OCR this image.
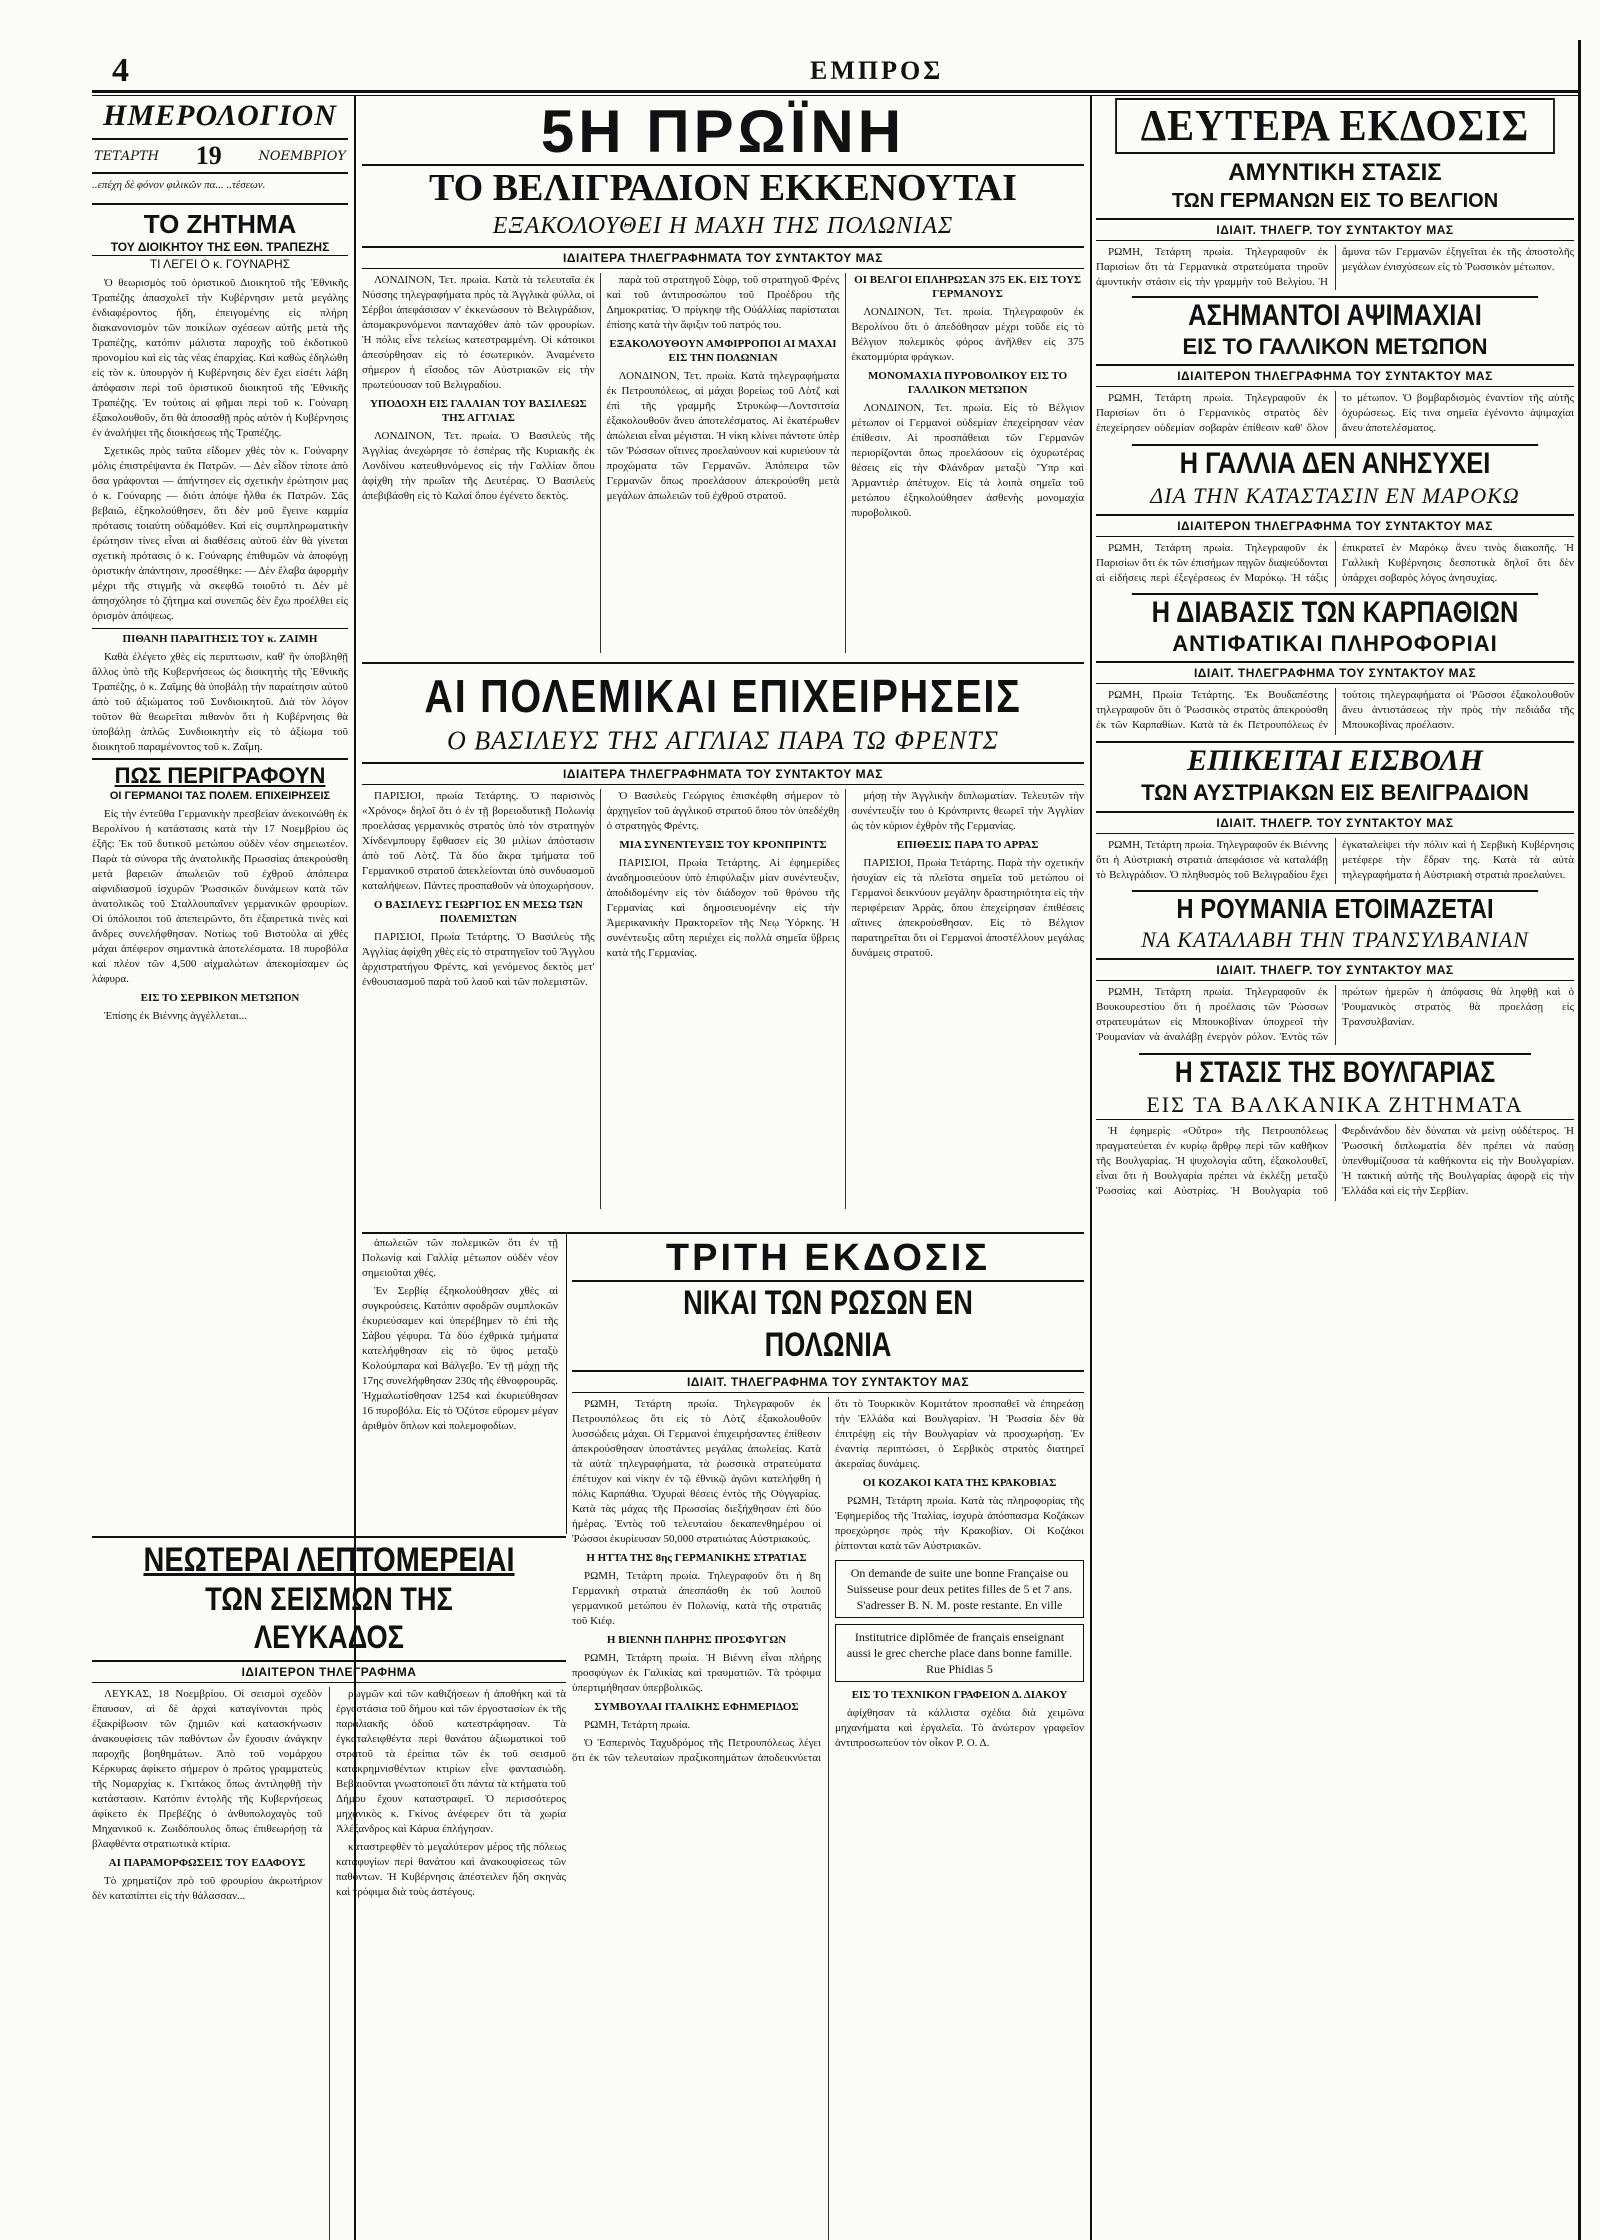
4	ΕΜΠΡΟΣ
ΗΜΕΡΟΛΟΓΙΟΝ
ΤΕΤΑΡΤΗ 19	ΝΟΕΜΒΡΙΟΥ
..επέχη δὲ φόνον φιλικῶν πα... ..τέσεων.
ΤΟ ΖΗΤΗΜΑ
ΤΟΥ ΔΙΟΙΚΗΤΟΥ ΤΗΣ ΕΘΝ. ΤΡΑΠΕΖΗΣ
ΤΙ ΛΕΓΕΙ Ο κ. ΓΟΥΝΑΡΗΣ
Ὁ θεωρισμὸς τοῦ ὁριστικοῦ Διοικητοῦ τῆς Ἐθνικῆς Τραπέζης ἀπασχολεῖ τὴν Κυβέρνησιν μετὰ μεγάλης ἐνδιαφέροντος ἤδη, ἐπειγομένης εἰς πλήρη διακανονισμὸν τῶν ποικίλων σχέσεων αὐτῆς μετὰ τῆς Τραπέζης, κατόπιν μάλιστα παροχῆς τοῦ ἐκδοτικοῦ προνομίου καὶ εἰς τὰς νέας ἐπαρχίας. Καὶ καθὼς ἐδηλώθη εἰς τὸν κ. ὑπουργὸν ἡ Κυβέρνησις δὲν ἔχει εἰσέτι λάβη ἀπόφασιν περὶ τοῦ ὁριστικοῦ διοικητοῦ τῆς Ἐθνικῆς Τραπέζης. Ἐν τούτοις αἱ φῆμαι περὶ τοῦ κ. Γούναρη ἐξακολουθοῦν, ὅτι θὰ ἀποσαθῇ πρὸς αὐτὸν ἡ Κυβέρνησις ἐν ἀναλήψει τῆς διοικήσεως τῆς Τραπέζης.
Σχετικῶς πρὸς ταῦτα εἴδομεν χθὲς τὸν κ. Γούναρην μόλις ἐπιστρέψαντα ἐκ Πατρῶν. — Δὲν εἶδον τίποτε ἀπὸ ὅσα γράφονται — ἀπήντησεν εἰς σχετικὴν ἐρώτησιν μας ὁ κ. Γούναρης — διότι ἀπόψε ἦλθα ἐκ Πατρῶν. Σᾶς βεβαιῶ, ἐξηκολούθησεν, ὅτι δὲν μοῦ ἔγεινε καμμία πρότασις τοιαύτη οὐδαμόθεν. Καὶ εἰς συμπληρωματικὴν ἐρώτησιν τίνες εἶναι αἱ διαθέσεις αὐτοῦ ἐὰν θὰ γίνεται σχετικὴ πρότασις ὁ κ. Γούναρης ἐπιθυμῶν νὰ ἀποφύγῃ ὁριστικὴν ἀπάντησιν, προσέθηκε: — Δὲν ἔλαβα ἀφορμὴν μέχρι τῆς στιγμῆς νὰ σκεφθῶ τοιοῦτό τι. Δὲν μὲ ἀπησχόλησε τὸ ζήτημα καὶ συνεπῶς δὲν ἔχω προέλθει εἰς ὁρισμὸν ἀπόψεως.
ΠΙΘΑΝΗ ΠΑΡΑΙΤΗΣΙΣ ΤΟΥ κ. ΖΑΙΜΗ
Καθὰ ἐλέγετο χθὲς εἰς περιπτωσιν, καθ' ἣν ὑποβληθῇ ἄλλος ὑπὸ τῆς Κυβερνήσεως ὡς διοικητὴς τῆς Ἐθνικῆς Τραπέζης, ὁ κ. Ζαΐμης θὰ ὑποβάλῃ τὴν παραίτησιν αὐτοῦ ἀπὸ τοῦ ἀξιώματος τοῦ Συνδιοικητοῦ. Διὰ τὸν λόγον τοῦτον θὰ θεωρεῖται πιθανὸν ὅτι ἡ Κυβέρνησις θὰ ὑποβάλῃ ἁπλῶς Συνδιοικητὴν εἰς τὸ ἀξίωμα τοῦ διοικητοῦ παραμένοντος τοῦ κ. Ζαΐμη.
ΠΩΣ ΠΕΡΙΓΡΑΦΟΥΝ
ΟΙ ΓΕΡΜΑΝΟΙ ΤΑΣ ΠΟΛΕΜ. ΕΠΙΧΕΙΡΗΣΕΙΣ
Εἰς τὴν ἐντεῦθα Γερμανικὴν πρεσβείαν ἀνεκοινώθη ἐκ Βερολίνου ἡ κατάστασις κατὰ τὴν 17 Νοεμβρίου ὡς ἑξῆς: Ἐκ τοῦ δυτικοῦ μετώπου οὐδὲν νέον σημειωτέον. Παρὰ τὰ σύνορα τῆς ἀνατολικῆς Πρωσσίας ἀπεκρούσθη μετὰ βαρειῶν ἀπωλειῶν τοῦ ἐχθροῦ ἀπόπειρα αἰφνιδιασμοῦ ἰσχυρῶν Ῥωσσικῶν δυνάμεων κατὰ τῶν ἀνατολικῶς τοῦ Σταλλουπαῖνεν γερμανικῶν φρουρίων. Οἱ ὑπόλοιποι τοῦ ἀπεπειρῶντο, ὅτι ἐξαιρετικὰ τινὲς καὶ ἄνδρες συνελήφθησαν. Νοτίως τοῦ Βιστούλα αἱ χθὲς μάχαι ἀπέφερον σημαντικὰ ἀποτελέσματα. 18 πυροβόλα καὶ πλέον τῶν 4,500 αἰχμαλώτων ἀπεκομίσαμεν ὡς λάφυρα.
ΕΙΣ ΤΟ ΣΕΡΒΙΚΟΝ ΜΕΤΩΠΟΝ
Ἐπίσης ἐκ Βιέννης ἀγγέλλεται...
5Η ΠΡΩΪΝΗ
ΤΟ ΒΕΛΙΓΡΑΔΙΟΝ ΕΚΚΕΝΟΥΤΑΙ
ΕΞΑΚΟΛΟΥΘΕΙ Η ΜΑΧΗ ΤΗΣ ΠΟΛΩΝΙΑΣ
ΙΔΙΑΙΤΕΡΑ ΤΗΛΕΓΡΑΦΗΜΑΤΑ ΤΟΥ ΣΥΝΤΑΚΤΟΥ ΜΑΣ
ΛΟΝΔΙΝΟΝ, Τετ. πρωία. Κατὰ τὰ τελευταῖα ἐκ Νύσσης τηλεγραφήματα πρὸς τὰ Ἀγγλικὰ φύλλα, οἱ Σέρβοι ἀπεφάσισαν ν' ἐκκενώσουν τὸ Βελιγράδιον, ἀπομακρυνόμενοι πανταχόθεν ἀπὸ τῶν φρουρίων. Ἡ πόλις εἶνε τελείως κατεστραμμένη. Οἱ κάτοικοι ἀπεσύρθησαν εἰς τὸ ἐσωτερικόν. Ἀναμένετο σήμερον ἡ εἴσοδος τῶν Αὐστριακῶν εἰς τὴν πρωτεύουσαν τοῦ Βελιγραδίου.
ΥΠΟΔΟΧΗ ΕΙΣ ΓΑΛΛΙΑΝ ΤΟΥ ΒΑΣΙΛΕΩΣ ΤΗΣ ΑΓΓΛΙΑΣ
ΛΟΝΔΙΝΟΝ, Τετ. πρωία. Ὁ Βασιλεὺς τῆς Ἀγγλίας ἀνεχώρησε τὸ ἑσπέρας τῆς Κυριακῆς ἐκ Λονδίνου κατευθυνόμενος εἰς τὴν Γαλλίαν ὅπου ἀφίχθη τὴν πρωΐαν τῆς Δευτέρας. Ὁ Βασιλεὺς ἀπεβιβάσθη εἰς τὸ Καλαί ὅπου ἐγένετο δεκτὸς.
παρὰ τοῦ στρατηγοῦ Σὸφρ, τοῦ στρατηγοῦ Φρένς καὶ τοῦ ἀντιπροσώπου τοῦ Προέδρου τῆς Δημοκρατίας. Ὁ πρίγκηψ τῆς Οὐάλλίας παρίσταται ἐπίσης κατὰ τὴν ἄφιξιν τοῦ πατρός του.
ΕΞΑΚΟΛΟΥΘΟΥΝ ΑΜΦΙΡΡΟΠΟΙ ΑΙ ΜΑΧΑΙ ΕΙΣ ΤΗΝ ΠΟΛΩΝΙΑΝ
ΛΟΝΔΙΝΟΝ, Τετ. πρωία. Κατὰ τηλεγραφήματα ἐκ Πετρουπόλεως, αἱ μάχαι βορείως τοῦ Λὸτζ καὶ ἐπὶ τῆς γραμμῆς Στρυκὼφ—Λοντσιτσία ἐξακολουθοῦν ἄνευ ἀποτελέσματος. Αἱ ἑκατέρωθεν ἀπώλειαι εἶναι μέγισται. Ἡ νίκη κλίνει πάντοτε ὑπὲρ τῶν Ῥώσσων οἵτινες προελαύνουν καὶ κυριεύουν τὰ προχώματα τῶν Γερμανῶν. Ἀπόπειρα τῶν Γερμανῶν ὅπως προελάσουν ἀπεκρούσθη μετὰ μεγάλων ἀπωλειῶν τοῦ ἐχθροῦ στρατοῦ.
ΟΙ ΒΕΛΓΟΙ ΕΠΛΗΡΩΣΑΝ 375 ΕΚ. ΕΙΣ ΤΟΥΣ ΓΕΡΜΑΝΟΥΣ
ΛΟΝΔΙΝΟΝ, Τετ. πρωία. Τηλεγραφοῦν ἐκ Βερολίνου ὅτι ὁ ἀπεδόθησαν μέχρι τοῦδε εἰς τὸ Βέλγιον πολεμικὸς φόρος ἀνῆλθεν εἰς 375 ἑκατομμύρια φράγκων.
ΜΟΝΟΜΑΧΙΑ ΠΥΡΟΒΟΛΙΚΟΥ ΕΙΣ ΤΟ ΓΑΛΛΙΚΟΝ ΜΕΤΩΠΟΝ
ΛΟΝΔΙΝΟΝ, Τετ. πρωία. Εἰς τὸ Βέλγιον μέτωπον οἱ Γερμανοὶ οὐδεμίαν ἐπεχείρησαν νέαν ἐπίθεσιν. Αἱ προσπάθειαι τῶν Γερμανῶν περιορίζονται ὅπως προελάσουν εἰς ὀχυρωτέρας θέσεις εἰς τὴν Φλάνδραν μεταξὺ Ὕπρ καὶ Ἀρμαντιὲρ ἀπέτυχον. Εἰς τὰ λοιπὰ σημεῖα τοῦ μετώπου ἐξηκολούθησεν ἀσθενὴς μονομαχία πυροβολικοῦ.
ΑΙ ΠΟΛΕΜΙΚΑΙ ΕΠΙΧΕΙΡΗΣΕΙΣ
Ο ΒΑΣΙΛΕΥΣ ΤΗΣ ΑΓΓΛΙΑΣ ΠΑΡΑ ΤΩ ΦΡΕΝΤΣ
ΙΔΙΑΙΤΕΡΑ ΤΗΛΕΓΡΑΦΗΜΑΤΑ ΤΟΥ ΣΥΝΤΑΚΤΟΥ ΜΑΣ
ΠΑΡΙΣΙΟΙ, πρωία Τετάρτης. Ὁ παρισινὸς «Χρόνος» δηλοῖ ὅτι ὁ ἐν τῇ βορειοδυτικῇ Πολωνίᾳ προελάσας γερμανικὸς στρατὸς ὑπὸ τὸν στρατηγὸν Χίνδενμπουργ ἔφθασεν εἰς 30 μιλίων ἀπόστασιν ἀπὸ τοῦ Λὸτζ. Τὰ δύο ἄκρα τμήματα τοῦ Γερμανικοῦ στρατοῦ ἀπεκλείονται ὑπὸ συνδυασμοῦ καταλήψεων. Πάντες προσπαθοῦν νὰ ὑποχωρήσουν.
Ο ΒΑΣΙΛΕΥΣ ΓΕΩΡΓΙΟΣ ΕΝ ΜΕΣΩ ΤΩΝ ΠΟΛΕΜΙΣΤΩΝ
ΠΑΡΙΣΙΟΙ, Πρωία Τετάρτης. Ὁ Βασιλεὺς τῆς Ἀγγλίας ἀφίχθη χθὲς εἰς τὸ στρατηγεῖον τοῦ Ἄγγλου ἀρχιστρατήγου Φρέντς, καὶ γενόμενος δεκτὸς μετ' ἐνθουσιασμοῦ παρὰ τοῦ λαοῦ καὶ τῶν πολεμιστῶν.
Ὁ Βασιλεὺς Γεώργιος ἐπισκέφθη σήμερον τὸ ἀρχηγεῖον τοῦ ἀγγλικοῦ στρατοῦ ὅπου τὸν ὑπεδέχθη ὁ στρατηγὸς Φρέντς.
ΜΙΑ ΣΥΝΕΝΤΕΥΞΙΣ ΤΟΥ ΚΡΟΝΠΡΙΝΤΣ
ΠΑΡΙΣΙΟΙ, Πρωία Τετάρτης. Αἱ ἐφημερίδες ἀναδημοσιεύουν ὑπὸ ἐπιφύλαξιν μίαν συνέντευξιν, ἀποδιδομένην εἰς τὸν διάδοχον τοῦ θρόνου τῆς Γερμανίας καὶ δημοσιευομένην εἰς τὴν Ἀμερικανικὴν Πρακτορεῖον τῆς Νεῳ Ὑόρκης. Ἡ συνέντευξις αὕτη περιέχει εἰς πολλὰ σημεῖα ὕβρεις κατὰ τῆς Γερμανίας.
μήσῃ τὴν Ἀγγλικὴν διπλωματίαν. Τελευτῶν τὴν συνέντευξίν του ὁ Κρόνπριντς θεωρεῖ τὴν Ἀγγλίαν ὡς τὸν κύριον ἐχθρὸν τῆς Γερμανίας.
ΕΠΙΘΕΣΙΣ ΠΑΡΑ ΤΟ ΑΡΡΑΣ
ΠΑΡΙΣΙΟΙ, Πρωία Τετάρτης. Παρὰ τὴν σχετικὴν ἡσυχίαν εἰς τὰ πλεῖστα σημεῖα τοῦ μετώπου οἱ Γερμανοὶ δεικνύουν μεγάλην δραστηριότητα εἰς τὴν περιφέρειαν Ἀρρὰς, ὅπου ἐπεχείρησαν ἐπιθέσεις αἵτινες ἀπεκρούσθησαν. Εἰς τὸ Βέλγιον παρατηρεῖται ὅτι οἱ Γερμανοὶ ἀποστέλλουν μεγάλας δυνάμεις στρατοῦ.
ἀπωλειῶν τῶν πολεμικῶν ὅτι ἐν τῇ Πολωνίᾳ καὶ Γαλλίᾳ μέτωπον οὐδὲν νέον σημειοῦται χθές.
Ἐν Σερβίᾳ ἐξηκολούθησαν χθὲς αἱ συγκρούσεις. Κατόπιν σφοδρῶν συμπλοκῶν ἐκυριεύσαμεν καὶ ὑπερέβημεν τὸ ἐπὶ τῆς Σάβου γέφυρα. Τὰ δύο ἐχθρικὰ τμήματα κατελήφθησαν εἰς τὸ ὕψος μεταξὺ Κολούμπαρα καὶ Βάλγεβο. Ἐν τῇ μάχῃ τῆς 17ης συνελήφθησαν 230ς τῆς ἐθνοφρουρᾶς. Ἡχμαλωτίσθησαν 1254 καὶ ἐκυριεύθησαν 16 πυροβόλα. Εἰς τὸ Ὀζύτσε εὕρομεν μέγαν ἀριθμὸν ὅπλων καὶ πολεμοφοδίων.
ΤΡΙΤΗ ΕΚΔΟΣΙΣ
ΝΙΚΑΙ ΤΩΝ ΡΩΣΩΝ ΕΝ ΠΟΛΩΝΙΑ
ΙΔΙΑΙΤ. ΤΗΛΕΓΡΑΦΗΜΑ ΤΟΥ ΣΥΝΤΑΚΤΟΥ ΜΑΣ
ΡΩΜΗ, Τετάρτη πρωία. Τηλεγραφοῦν ἐκ Πετρουπόλεως ὅτι εἰς τὸ Λὸτζ ἐξακολουθοῦν λυσσώδεις μάχαι. Οἱ Γερμανοὶ ἐπιχειρήσαντες ἐπίθεσιν ἀπεκρούσθησαν ὑποστάντες μεγάλας ἀπωλείας. Κατὰ τὰ αὐτὰ τηλεγραφήματα, τὰ ῥωσσικὰ στρατεύματα ἐπέτυχον καὶ νίκην ἐν τῷ ἐθνικῷ ἀγῶνι κατελήφθη ἡ πόλις Καρπάθια. Ὀχυραὶ θέσεις ἐντὸς τῆς Οὐγγαρίας. Κατὰ τὰς μάχας τῆς Πρωσσίας διεξήχθησαν ἐπὶ δύο ἡμέρας. Ἐντὸς τοῦ τελευταίου δεκαπενθημέρου οἱ Ῥώσσοι ἐκυρίευσαν 50,000 στρατιώτας Αὐστριακούς.
Η ΗΤΤΑ ΤΗΣ 8ης ΓΕΡΜΑΝΙΚΗΣ ΣΤΡΑΤΙΑΣ
ΡΩΜΗ, Τετάρτη πρωία. Τηλεγραφοῦν ὅτι ἡ 8η Γερμανικὴ στρατιὰ ἀπεσπάσθη ἐκ τοῦ λοιποῦ γερμανικοῦ μετώπου ἐν Πολωνίᾳ, κατὰ τῆς στρατιᾶς τοῦ Κιέφ.
Η ΒΙΕΝΝΗ ΠΛΗΡΗΣ ΠΡΟΣΦΥΓΩΝ
ΡΩΜΗ, Τετάρτη πρωία. Ἡ Βιέννη εἶναι πλήρης προσφύγων ἐκ Γαλικίας καὶ τραυματιῶν. Τὰ τρόφιμα ὑπερτιμήθησαν ὑπερβολικῶς.
ΣΥΜΒΟΥΛΑΙ ΙΤΑΛΙΚΗΣ ΕΦΗΜΕΡΙΔΟΣ
ΡΩΜΗ, Τετάρτη πρωία.
Ὁ Ἑσπερινὸς Ταχυδρόμος τῆς Πετρουπόλεως λέγει ὅτι ἐκ τῶν τελευταίων πραξικοπημάτων ἀποδεικνύεται ὅτι τὸ Τουρκικὸν Κομιτάτον προσπαθεῖ νὰ ἐπηρεάσῃ τὴν Ἑλλάδα καὶ Βουλγαρίαν. Ἡ Ῥωσσία δὲν θὰ ἐπιτρέψῃ εἰς τὴν Βουλγαρίαν νὰ προσχωρήσῃ. Ἐν ἐναντίᾳ περιπτώσει, ὁ Σερβικὸς στρατὸς διατηρεῖ ἀκεραίας δυνάμεις.
ΟΙ ΚΟΖΑΚΟΙ ΚΑΤΑ ΤΗΣ ΚΡΑΚΟΒΙΑΣ
ΡΩΜΗ, Τετάρτη πρωία. Κατὰ τὰς πληροφορίας τῆς Ἐφημερίδος τῆς Ἰταλίας, ἰσχυρὰ ἀπόσπασμα Κοζάκων προεχώρησε πρὸς τὴν Κρακοβίαν. Οἱ Κοζάκοι ῥίπτονται κατὰ τῶν Αὐστριακῶν.
On demande de suite une bonne Française ou Suisseuse pour deux petites filles de 5 et 7 ans. S'adresser B. N. M. poste restante. En ville
Institutrice diplômée de français enseignant aussi le grec cherche place dans bonne famille. Rue Phidias 5
ΕΙΣ ΤΟ ΤΕΧΝΙΚΟΝ ΓΡΑΦΕΙΟΝ Δ. ΔΙΑΚΟΥ
ἀφίχθησαν τὰ κάλλιστα σχέδια διὰ χειμῶνα μηχανήματα καὶ ἐργαλεῖα. Τὸ ἀνώτερον γραφεῖον ἀντιπροσωπεύον τὸν οἶκον Ρ. Ο. Δ.
ΝΕΩΤΕΡΑΙ ΛΕΠΤΟΜΕΡΕΙΑΙ
ΤΩΝ ΣΕΙΣΜΩΝ ΤΗΣ ΛΕΥΚΑΔΟΣ
ΙΔΙΑΙΤΕΡΟΝ ΤΗΛΕΓΡΑΦΗΜΑ
ΛΕΥΚΑΣ, 18 Νοεμβρίου. Οἱ σεισμοὶ σχεδὸν ἔπαυσαν, αἱ δὲ ἀρχαὶ καταγίνονται πρὸς ἐξακρίβωσιν τῶν ζημιῶν καὶ κατασκήνωσιν ἀνακουφίσεις τῶν παθόντων ὧν ἔχουσιν ἀνάγκην παροχῆς βοηθημάτων. Ἀπὸ τοῦ νομάρχου Κέρκυρας ἀφίκετο σήμερον ὁ πρῶτος γραμματεὺς τῆς Νομαρχίας κ. Γκιτάκος ὅπως ἀντιληφθῇ τὴν κατάστασιν. Κατόπιν ἐντολῆς τῆς Κυβερνήσεως ἀφίκετο ἐκ Πρεβέζης ὁ ἀνθυπολοχαγὸς τοῦ Μηχανικοῦ κ. Ζωιδόπουλος ὅπως ἐπιθεωρήσῃ τὰ βλαφθέντα στρατιωτικὰ κτίρια.
ΑΙ ΠΑΡΑΜΟΡΦΩΣΕΙΣ ΤΟΥ ΕΔΑΦΟΥΣ
Τὸ χρηματίζον πρὸ τοῦ φρουρίου ἀκρωτήριον δὲν καταπίπτει εἰς τὴν θάλασσαν...
ρωγμῶν καὶ τῶν καθιζήσεων ἡ ἀποθήκη καὶ τὰ ἐργοστάσια τοῦ δήμου καὶ τῶν ἐργοστασίων ἐκ τῆς παραλιακῆς ὁδοῦ κατεστράφησαν. Τὰ ἐγκαταλειφθέντα περὶ θανάτου ἀξιωματικοὶ τοῦ στρατοῦ τὰ ἐρείπια τῶν ἐκ τοῦ σεισμοῦ κατακρημνισθέντων κτιρίων εἶνε φαντασιώδη. Βεβαιοῦνται γνωστοποιεῖ ὅτι πάντα τὰ κτήματα τοῦ Δήμου ἔχουν καταστραφεῖ. Ὁ περισσότερος μηχανικὸς κ. Γκίνος ἀνέφερεν ὅτι τὰ χωρία Ἀλέξανδρος καὶ Κάρυα ἐπλήγησαν.
καταστρεφθὲν τὸ μεγαλύτερον μέρος τῆς πόλεως καταφυγίων περὶ θανάτου καὶ ἀνακουφίσεως τῶν παθόντων. Ἡ Κυβέρνησις ἀπέστειλεν ἤδη σκηνὰς καὶ τρόφιμα διὰ τοὺς ἀστέγους.
ΔΕΥΤΕΡΑ ΕΚΔΟΣΙΣ
ΑΜΥΝΤΙΚΗ ΣΤΑΣΙΣ
ΤΩΝ ΓΕΡΜΑΝΩΝ ΕΙΣ ΤΟ ΒΕΛΓΙΟΝ
ΙΔΙΑΙΤ. ΤΗΛΕΓΡ. ΤΟΥ ΣΥΝΤΑΚΤΟΥ ΜΑΣ
ΡΩΜΗ, Τετάρτη πρωία. Τηλεγραφοῦν ἐκ Παρισίων ὅτι τὰ Γερμανικὰ στρατεύματα τηροῦν ἀμυντικὴν στάσιν εἰς τὴν γραμμὴν τοῦ Βελγίου. Ἡ ἄμυνα τῶν Γερμανῶν ἐξηγεῖται ἐκ τῆς ἀποστολῆς μεγάλων ἐνισχύσεων εἰς τὸ Ῥωσσικὸν μέτωπον.
ΑΣΗΜΑΝΤΟΙ ΑΨΙΜΑΧΙΑΙ
ΕΙΣ ΤΟ ΓΑΛΛΙΚΟΝ ΜΕΤΩΠΟΝ
ΙΔΙΑΙΤΕΡΟΝ ΤΗΛΕΓΡΑΦΗΜΑ ΤΟΥ ΣΥΝΤΑΚΤΟΥ ΜΑΣ
ΡΩΜΗ, Τετάρτη πρωία. Τηλεγραφοῦν ἐκ Παρισίων ὅτι ὁ Γερμανικὸς στρατὸς δὲν ἐπεχείρησεν οὐδεμίαν σοβαρὰν ἐπίθεσιν καθ' ὅλον το μέτωπον. Ὁ βομβαρδισμὸς ἐναντίον τῆς αὐτῆς ὀχυρώσεως. Εἰς τινα σημεῖα ἐγένοντο ἀψιμαχίαι ἄνευ ἀποτελέσματος.
Η ΓΑΛΛΙΑ ΔΕΝ ΑΝΗΣΥΧΕΙ
ΔΙΑ ΤΗΝ ΚΑΤΑΣΤΑΣΙΝ ΕΝ ΜΑΡΟΚΩ
ΙΔΙΑΙΤΕΡΟΝ ΤΗΛΕΓΡΑΦΗΜΑ ΤΟΥ ΣΥΝΤΑΚΤΟΥ ΜΑΣ
ΡΩΜΗ, Τετάρτη πρωία. Τηλεγραφοῦν ἐκ Παρισίων ὅτι ἐκ τῶν ἐπισήμων πηγῶν διαψεύδονται αἱ εἰδήσεις περὶ ἐξεγέρσεως ἐν Μαρόκῳ. Ἡ τάξις ἐπικρατεῖ ἐν Μαρόκῳ ἄνευ τινὸς διακοπῆς. Ἡ Γαλλικὴ Κυβέρνησις δεσποτικὰ δηλοῖ ὅτι δὲν ὑπάρχει σοβαρὸς λόγος ἀνησυχίας.
Η ΔΙΑΒΑΣΙΣ ΤΩΝ ΚΑΡΠΑΘΙΩΝ
ΑΝΤΙΦΑΤΙΚΑΙ ΠΛΗΡΟΦΟΡΙΑΙ
ΙΔΙΑΙΤ. ΤΗΛΕΓΡΑΦΗΜΑ ΤΟΥ ΣΥΝΤΑΚΤΟΥ ΜΑΣ
ΡΩΜΗ, Πρωία Τετάρτης. Ἐκ Βουδαπέστης τηλεγραφοῦν ὅτι ὁ Ῥωσσικὸς στρατὸς ἀπεκρούσθη ἐκ τῶν Καρπαθίων. Κατὰ τὰ ἐκ Πετρουπόλεως ἐν τούτοις τηλεγραφήματα οἱ Ῥῶσσοι ἐξακολουθοῦν ἄνευ ἀντιστάσεως τὴν πρὸς τὴν πεδιάδα τῆς Μπουκοβίνας προέλασιν.
ΕΠΙΚΕΙΤΑΙ ΕΙΣΒΟΛΗ
ΤΩΝ ΑΥΣΤΡΙΑΚΩΝ ΕΙΣ ΒΕΛΙΓΡΑΔΙΟΝ
ΙΔΙΑΙΤ. ΤΗΛΕΓΡ. ΤΟΥ ΣΥΝΤΑΚΤΟΥ ΜΑΣ
ΡΩΜΗ, Τετάρτη πρωία. Τηλεγραφοῦν ἐκ Βιέννης ὅτι ἡ Αὐστριακὴ στρατιὰ ἀπεφάσισε νὰ καταλάβῃ τὸ Βελιγράδιον. Ὁ πληθυσμὸς τοῦ Βελιγραδίου ἔχει ἐγκαταλείψει τὴν πόλιν καὶ ἡ Σερβικὴ Κυβέρνησις μετέφερε τὴν ἕδραν της. Κατὰ τὰ αὐτὰ τηλεγραφήματα ἡ Αὐστριακὴ στρατιὰ προελαύνει.
Η ΡΟΥΜΑΝΙΑ ΕΤΟΙΜΑΖΕΤΑΙ
ΝΑ ΚΑΤΑΛΑΒΗ ΤΗΝ ΤΡΑΝΣΥΛΒΑΝΙΑΝ
ΙΔΙΑΙΤ. ΤΗΛΕΓΡ. ΤΟΥ ΣΥΝΤΑΚΤΟΥ ΜΑΣ
ΡΩΜΗ, Τετάρτη πρωία. Τηλεγραφοῦν ἐκ Βουκουρεστίου ὅτι ἡ προέλασις τῶν Ῥώσσων στρατευμάτων εἰς Μπουκοβίναν ὑποχρεοῖ τὴν Ῥουμανίαν νὰ ἀναλάβῃ ἐνεργὸν ρόλον. Ἐντὸς τῶν πρώτων ἡμερῶν ἡ ἀπόφασις θὰ ληφθῇ καὶ ὁ Ῥουμανικὸς στρατὸς θὰ προελάσῃ εἰς Τρανσυλβανίαν.
Η ΣΤΑΣΙΣ ΤΗΣ ΒΟΥΛΓΑΡΙΑΣ
ΕΙΣ ΤΑ ΒΑΛΚΑΝΙΚΑ ΖΗΤΗΜΑΤΑ
Ἡ ἐφημερὶς «Οὔτρο» τῆς Πετρουπόλεως πραγματεύεται ἐν κυρίῳ ἄρθρῳ περὶ τῶν καθῆκον τῆς Βουλγαρίας. Ἡ ψυχολογία αὕτη, ἐξακολουθεῖ, εἶναι ὅτι ἡ Βουλγαρία πρέπει νὰ ἐκλέξῃ μεταξὺ Ῥωσσίας καὶ Αὐστρίας. Ἡ Βουλγαρία τοῦ Φερδινάνδου δὲν δύναται νὰ μείνῃ οὐδέτερος. Ἡ Ῥωσσικὴ διπλωματία δὲν πρέπει νὰ παύσῃ ὑπενθυμίζουσα τὰ καθήκοντα εἰς τὴν Βουλγαρίαν. Ἡ τακτικὴ αὐτῆς τῆς Βουλγαρίας ἀφορᾷ εἰς τὴν Ἑλλάδα καὶ εἰς τὴν Σερβίαν.
